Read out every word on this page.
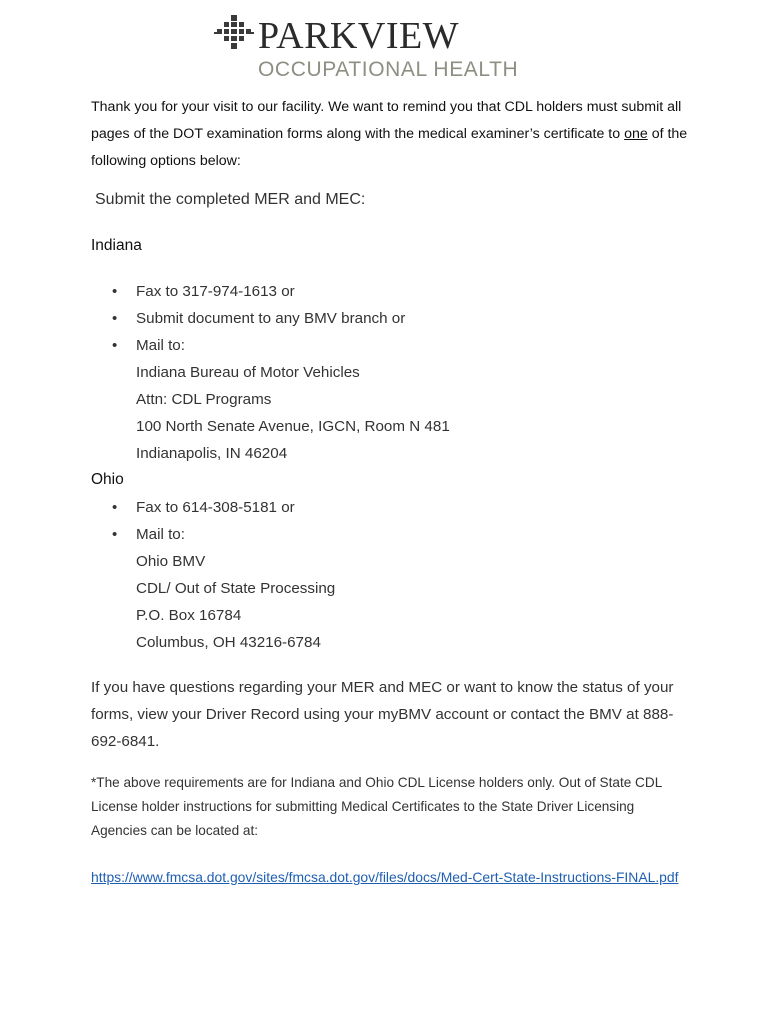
PARKVIEW
OCCUPATIONAL HEALTH
Thank you for your visit to our facility. We want to remind you that CDL holders must submit all pages of the DOT examination forms along with the medical examiner’s certificate to one of the following options below:
Submit the completed MER and MEC:
Indiana
• Fax to 317-974-1613 or
• Submit document to any BMV branch or
• Mail to:
Indiana Bureau of Motor Vehicles
Attn: CDL Programs
100 North Senate Avenue, IGCN, Room N 481
Indianapolis, IN 46204
Ohio
• Fax to 614-308-5181 or
• Mail to:
Ohio BMV
CDL/ Out of State Processing
P.O. Box 16784
Columbus, OH 43216-6784
If you have questions regarding your MER and MEC or want to know the status of your forms, view your Driver Record using your myBMV account or contact the BMV at 888-692-6841.
*The above requirements are for Indiana and Ohio CDL License holders only. Out of State CDL License holder instructions for submitting Medical Certificates to the State Driver Licensing Agencies can be located at:
https://www.fmcsa.dot.gov/sites/fmcsa.dot.gov/files/docs/Med-Cert-State-Instructions-FINAL.pdf
